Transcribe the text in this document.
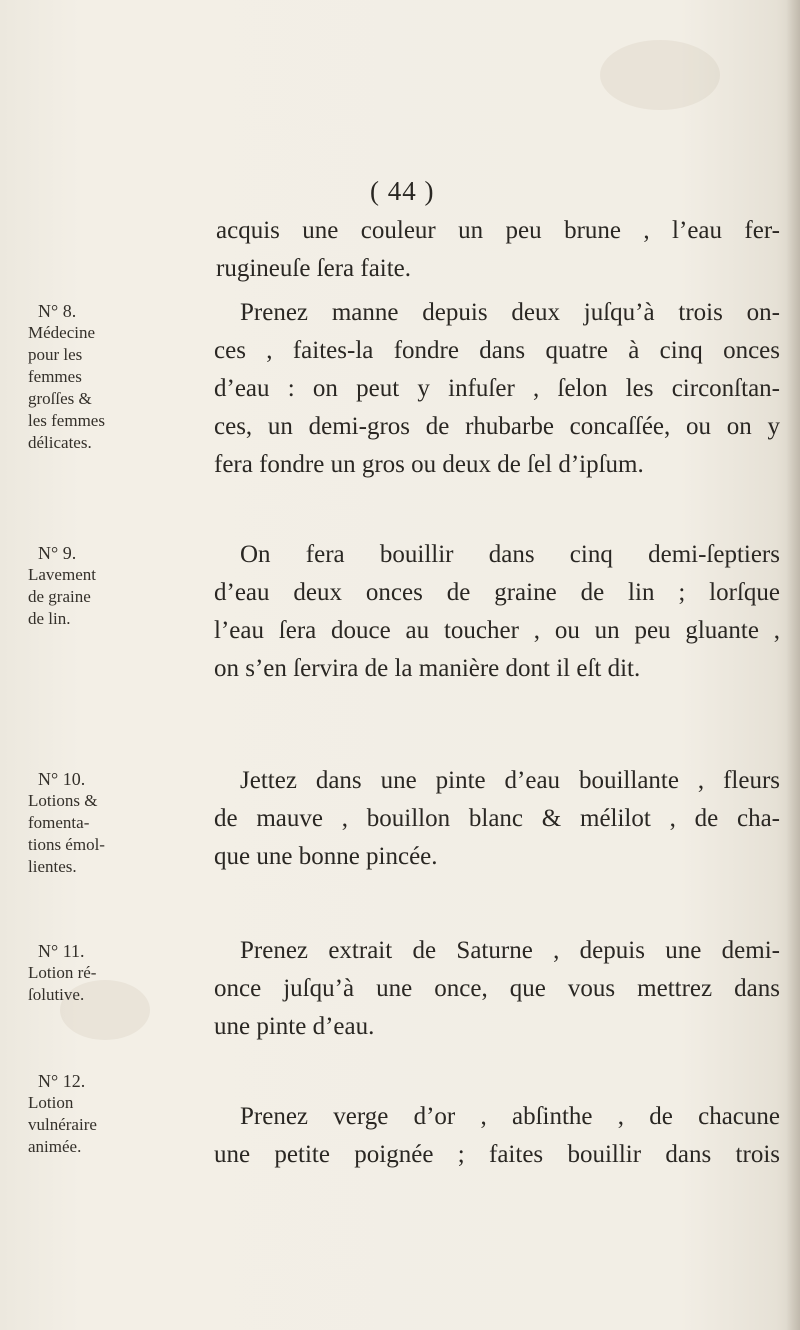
( 44 )
acquis une couleur un peu brune , l’eau fer-
rugineuſe ſera faite.
N° 8.
Médecine
pour les
femmes
groſſes &
les femmes
délicates.
Prenez manne depuis deux juſqu’à trois on-
ces , faites-la fondre dans quatre à cinq onces
d’eau : on peut y infuſer , ſelon les circonſtan-
ces, un demi-gros de rhubarbe concaſſée, ou on y
fera fondre un gros ou deux de ſel d’ipſum.
N° 9.
Lavement
de graine
de lin.
On fera bouillir dans cinq demi-ſeptiers
d’eau deux onces de graine de lin ; lorſque
l’eau ſera douce au toucher , ou un peu gluante ,
on s’en ſervira de la manière dont il eſt dit.
N° 10.
Lotions &
fomenta-
tions émol-
lientes.
Jettez dans une pinte d’eau bouillante , fleurs
de mauve , bouillon blanc & mélilot , de cha-
que une bonne pincée.
N° 11.
Lotion ré-
ſolutive.
Prenez extrait de Saturne , depuis une demi-
once juſqu’à une once, que vous mettrez dans
une pinte d’eau.
N° 12.
Lotion
vulnéraire
animée.
Prenez verge d’or , abſinthe , de chacune
une petite poignée ; faites bouillir dans trois
